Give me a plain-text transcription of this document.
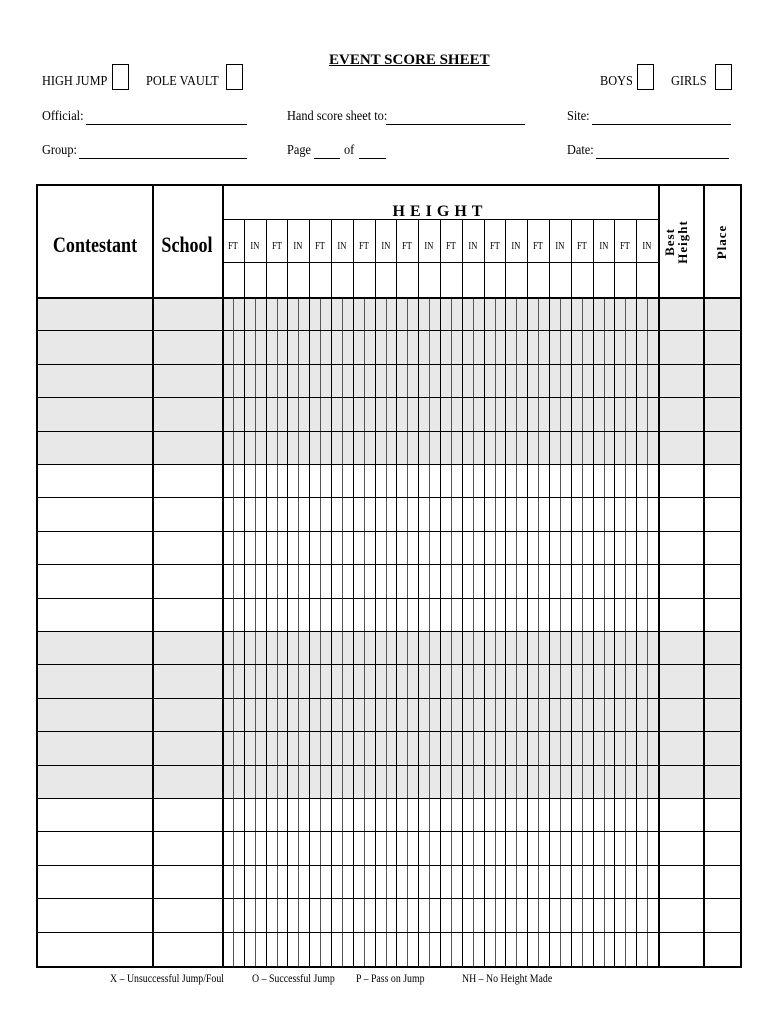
EVENT SCORE SHEET
HIGH JUMP	POLE VAULT	BOYS	GIRLS
Official:	Hand score sheet to:	Site:
Group:	Page of	Date:
Contestant School
HEIGHT
FT	IN	FT	IN	FT	IN	FT	IN	FT	IN	FT	IN	FT	IN	FT	IN	FT	IN	FT	IN Best Height	Place
X – Unsuccessful Jump/Foul O – Successful Jump P – Pass on Jump	NH – No Height Made
